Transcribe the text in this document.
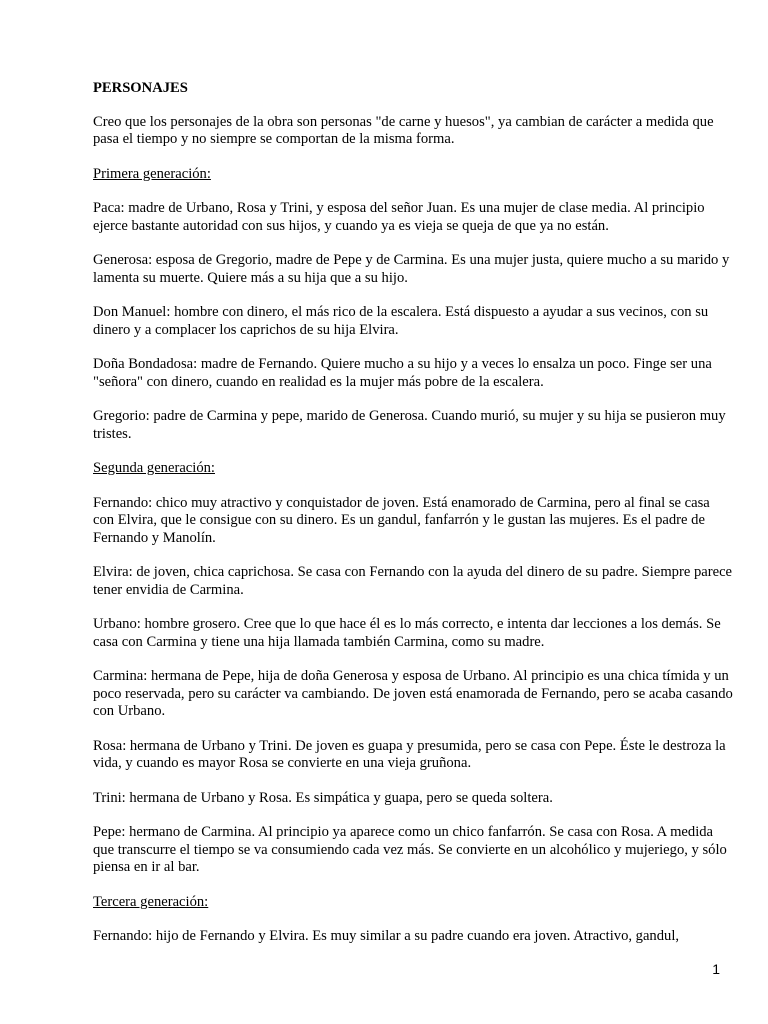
PERSONAJES

Creo que los personajes de la obra son personas "de carne y huesos", ya cambian de carácter a medida que pasa el tiempo y no siempre se comportan de la misma forma.

Primera generación:

Paca: madre de Urbano, Rosa y Trini, y esposa del señor Juan. Es una mujer de clase media. Al principio ejerce bastante autoridad con sus hijos, y cuando ya es vieja se queja de que ya no están.

Generosa: esposa de Gregorio, madre de Pepe y de Carmina. Es una mujer justa, quiere mucho a su marido y lamenta su muerte. Quiere más a su hija que a su hijo.

Don Manuel: hombre con dinero, el más rico de la escalera. Está dispuesto a ayudar a sus vecinos, con su dinero y a complacer los caprichos de su hija Elvira.

Doña Bondadosa: madre de Fernando. Quiere mucho a su hijo y a veces lo ensalza un poco. Finge ser una "señora" con dinero, cuando en realidad es la mujer más pobre de la escalera.

Gregorio: padre de Carmina y pepe, marido de Generosa. Cuando murió, su mujer y su hija se pusieron muy tristes.

Segunda generación:

Fernando: chico muy atractivo y conquistador de joven. Está enamorado de Carmina, pero al final se casa con Elvira, que le consigue con su dinero. Es un gandul, fanfarrón y le gustan las mujeres. Es el padre de Fernando y Manolín.

Elvira: de joven, chica caprichosa. Se casa con Fernando con la ayuda del dinero de su padre. Siempre parece tener envidia de Carmina.

Urbano: hombre grosero. Cree que lo que hace él es lo más correcto, e intenta dar lecciones a los demás. Se casa con Carmina y tiene una hija llamada también Carmina, como su madre.

Carmina: hermana de Pepe, hija de doña Generosa y esposa de Urbano. Al principio es una chica tímida y un poco reservada, pero su carácter va cambiando. De joven está enamorada de Fernando, pero se acaba casando con Urbano.

Rosa: hermana de Urbano y Trini. De joven es guapa y presumida, pero se casa con Pepe. Éste le destroza la vida, y cuando es mayor Rosa se convierte en una vieja gruñona.

Trini: hermana de Urbano y Rosa. Es simpática y guapa, pero se queda soltera.

Pepe: hermano de Carmina. Al principio ya aparece como un chico fanfarrón. Se casa con Rosa. A medida que transcurre el tiempo se va consumiendo cada vez más. Se convierte en un alcohólico y mujeriego, y sólo piensa en ir al bar.

Tercera generación:

Fernando: hijo de Fernando y Elvira. Es muy similar a su padre cuando era joven. Atractivo, gandul,

1
